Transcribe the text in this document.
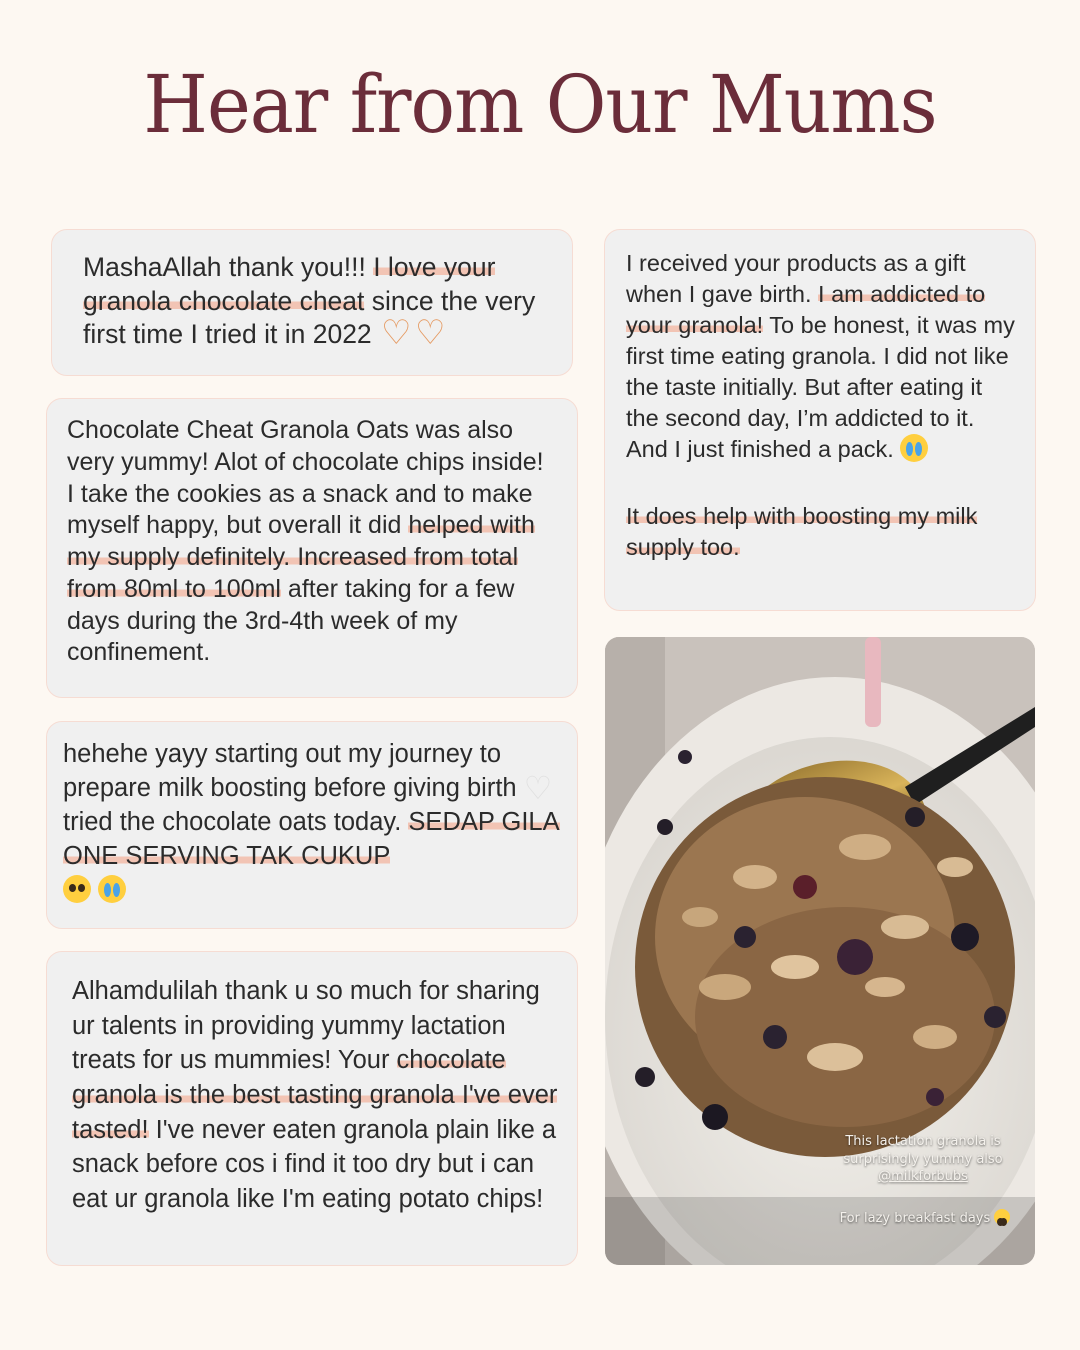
Hear from Our Mums
MashaAllah thank you!!! I love your granola chocolate cheat since the very first time I tried it in 2022 ♡♡
Chocolate Cheat Granola Oats was also very yummy! Alot of chocolate chips inside! I take the cookies as a snack and to make myself happy, but overall it did helped with my supply definitely. Increased from total from 80ml to 100ml after taking for a few days during the 3rd-4th week of my confinement.
hehehe yayy starting out my journey to prepare milk boosting before giving birth ♡ tried the chocolate oats today. SEDAP GILA ONE SERVING TAK CUKUP

Alhamdulilah thank u so much for sharing ur talents in providing yummy lactation treats for us mummies! Your chocolate granola is the best tasting granola I've ever tasted! I've never eaten granola plain like a snack before cos i find it too dry but i can eat ur granola like I'm eating potato chips!
I received your products as a gift when I gave birth. I am addicted to your granola! To be honest, it was my first time eating granola. I did not like the taste initially. But after eating it the second day, I’m addicted to it. And I just finished a pack.
It does help with boosting my milk supply too.
This lactation granola is
surprisingly yummy also
@milkforbubs
For lazy breakfast days
